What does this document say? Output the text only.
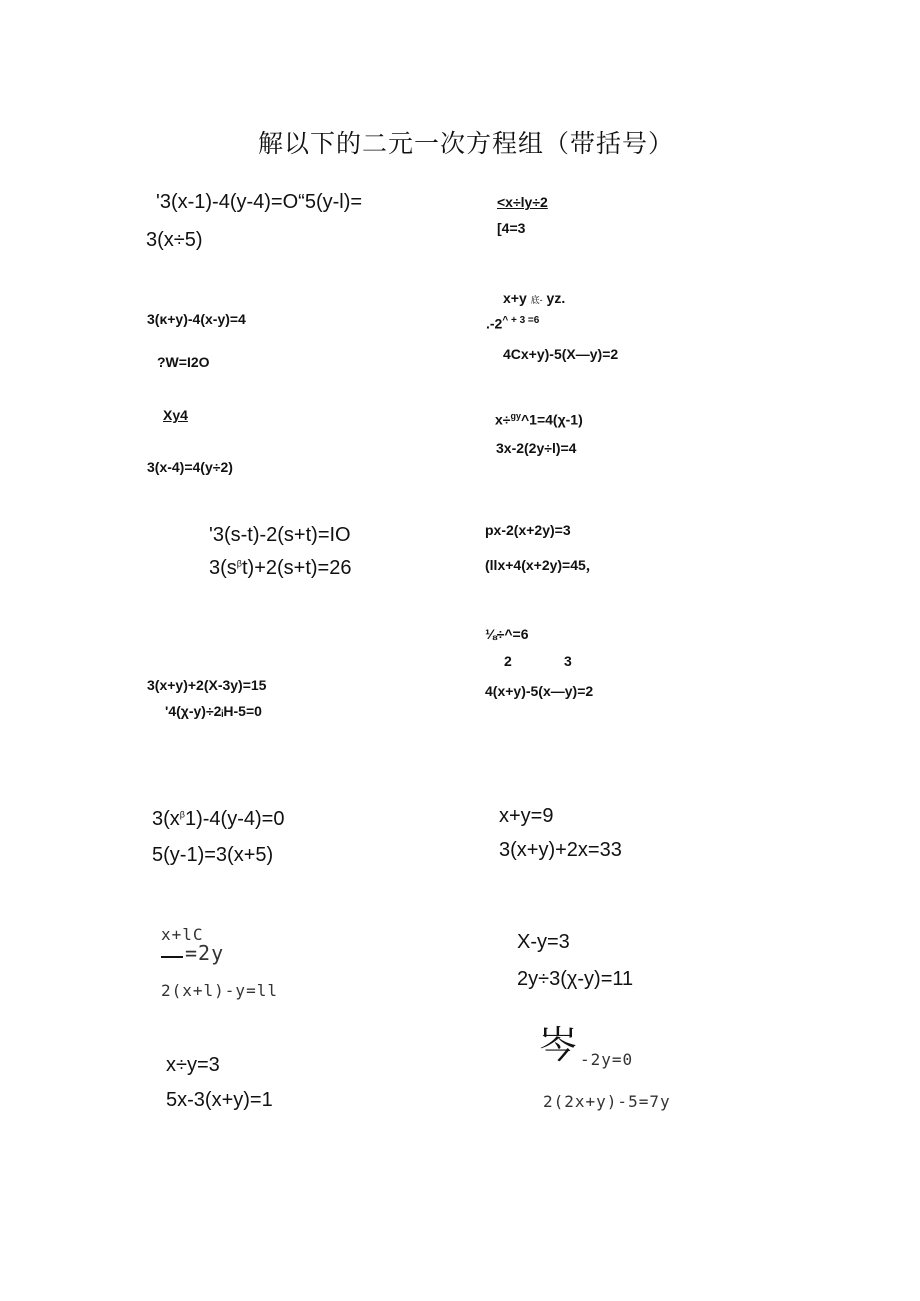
解以下的二元一次方程组（带括号）
'3(x-1)-4(y-4)=O“5(y-l)=
3(x÷5)
<x÷ly÷2
[4=3
3(κ+y)-4(x-y)=4
?W=I2O
Xy4
3(x-4)=4(y÷2)
x+y 底- yz.
$.-2^{\^{} + 3 =6}$
4Cx+y)-5(X—y)=2
x÷$^{gy}$^1=4(χ-1)
3x-2(2y÷l)=4
'3(s-t)-2(s+t)=IO
$3(s^\beta t)+2(s+t)=26$
px-2(x+2y)=3
(llx+4(x+2y)=45，
⅛÷^=6
2	3
4(x+y)-5(x—y)=2
3(x+y)+2(X-3y)=15
'4(χ-y)÷2ᵢH-5=0
$3(x^\beta 1)-4(y-4)=0$
5(y-1)=3(x+5)
x+y=9
3(x+y)+2x=33
x+lC
=2y
2(x+l)-y=ll
X-y=3
2y÷3(χ-y)=11
x÷y=3
5x-3(x+y)=1
岑 -2y=0
2(2x+y)-5=7y
